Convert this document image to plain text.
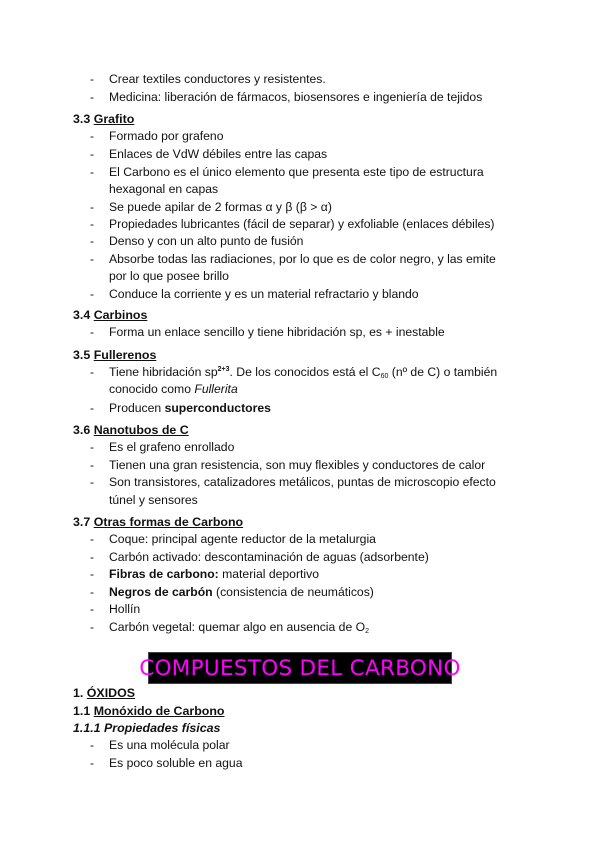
- Crear textiles conductores y resistentes.
- Medicina: liberación de fármacos, biosensores e ingeniería de tejidos
3.3 Grafito
- Formado por grafeno
- Enlaces de VdW débiles entre las capas
- El Carbono es el único elemento que presenta este tipo de estructura
hexagonal en capas
- Se puede apilar de 2 formas α y β (β > α)
- Propiedades lubricantes (fácil de separar) y exfoliable (enlaces débiles)
- Denso y con un alto punto de fusión
- Absorbe todas las radiaciones, por lo que es de color negro, y las emite
por lo que posee brillo
- Conduce la corriente y es un material refractario y blando
3.4 Carbinos
- Forma un enlace sencillo y tiene hibridación sp, es + inestable
3.5 Fullerenos
- Tiene hibridación $sp^{2+3}$. De los conocidos está el $C_{60}$ (nº de C) o también
conocido como Fullerita
- Producen superconductores
3.6 Nanotubos de C
- Es el grafeno enrollado
- Tienen una gran resistencia, son muy flexibles y conductores de calor
- Son transistores, catalizadores metálicos, puntas de microscopio efecto
túnel y sensores
3.7 Otras formas de Carbono
- Coque: principal agente reductor de la metalurgia
- Carbón activado: descontaminación de aguas (adsorbente)
- Fibras de carbono: material deportivo
- Negros de carbón (consistencia de neumáticos)
- Hollín
- Carbón vegetal: quemar algo en ausencia de $O_2$
COMPUESTOS DEL CARBONO
1. ÓXIDOS
1.1 Monóxido de Carbono
1.1.1 Propiedades físicas
- Es una molécula polar
- Es poco soluble en agua
